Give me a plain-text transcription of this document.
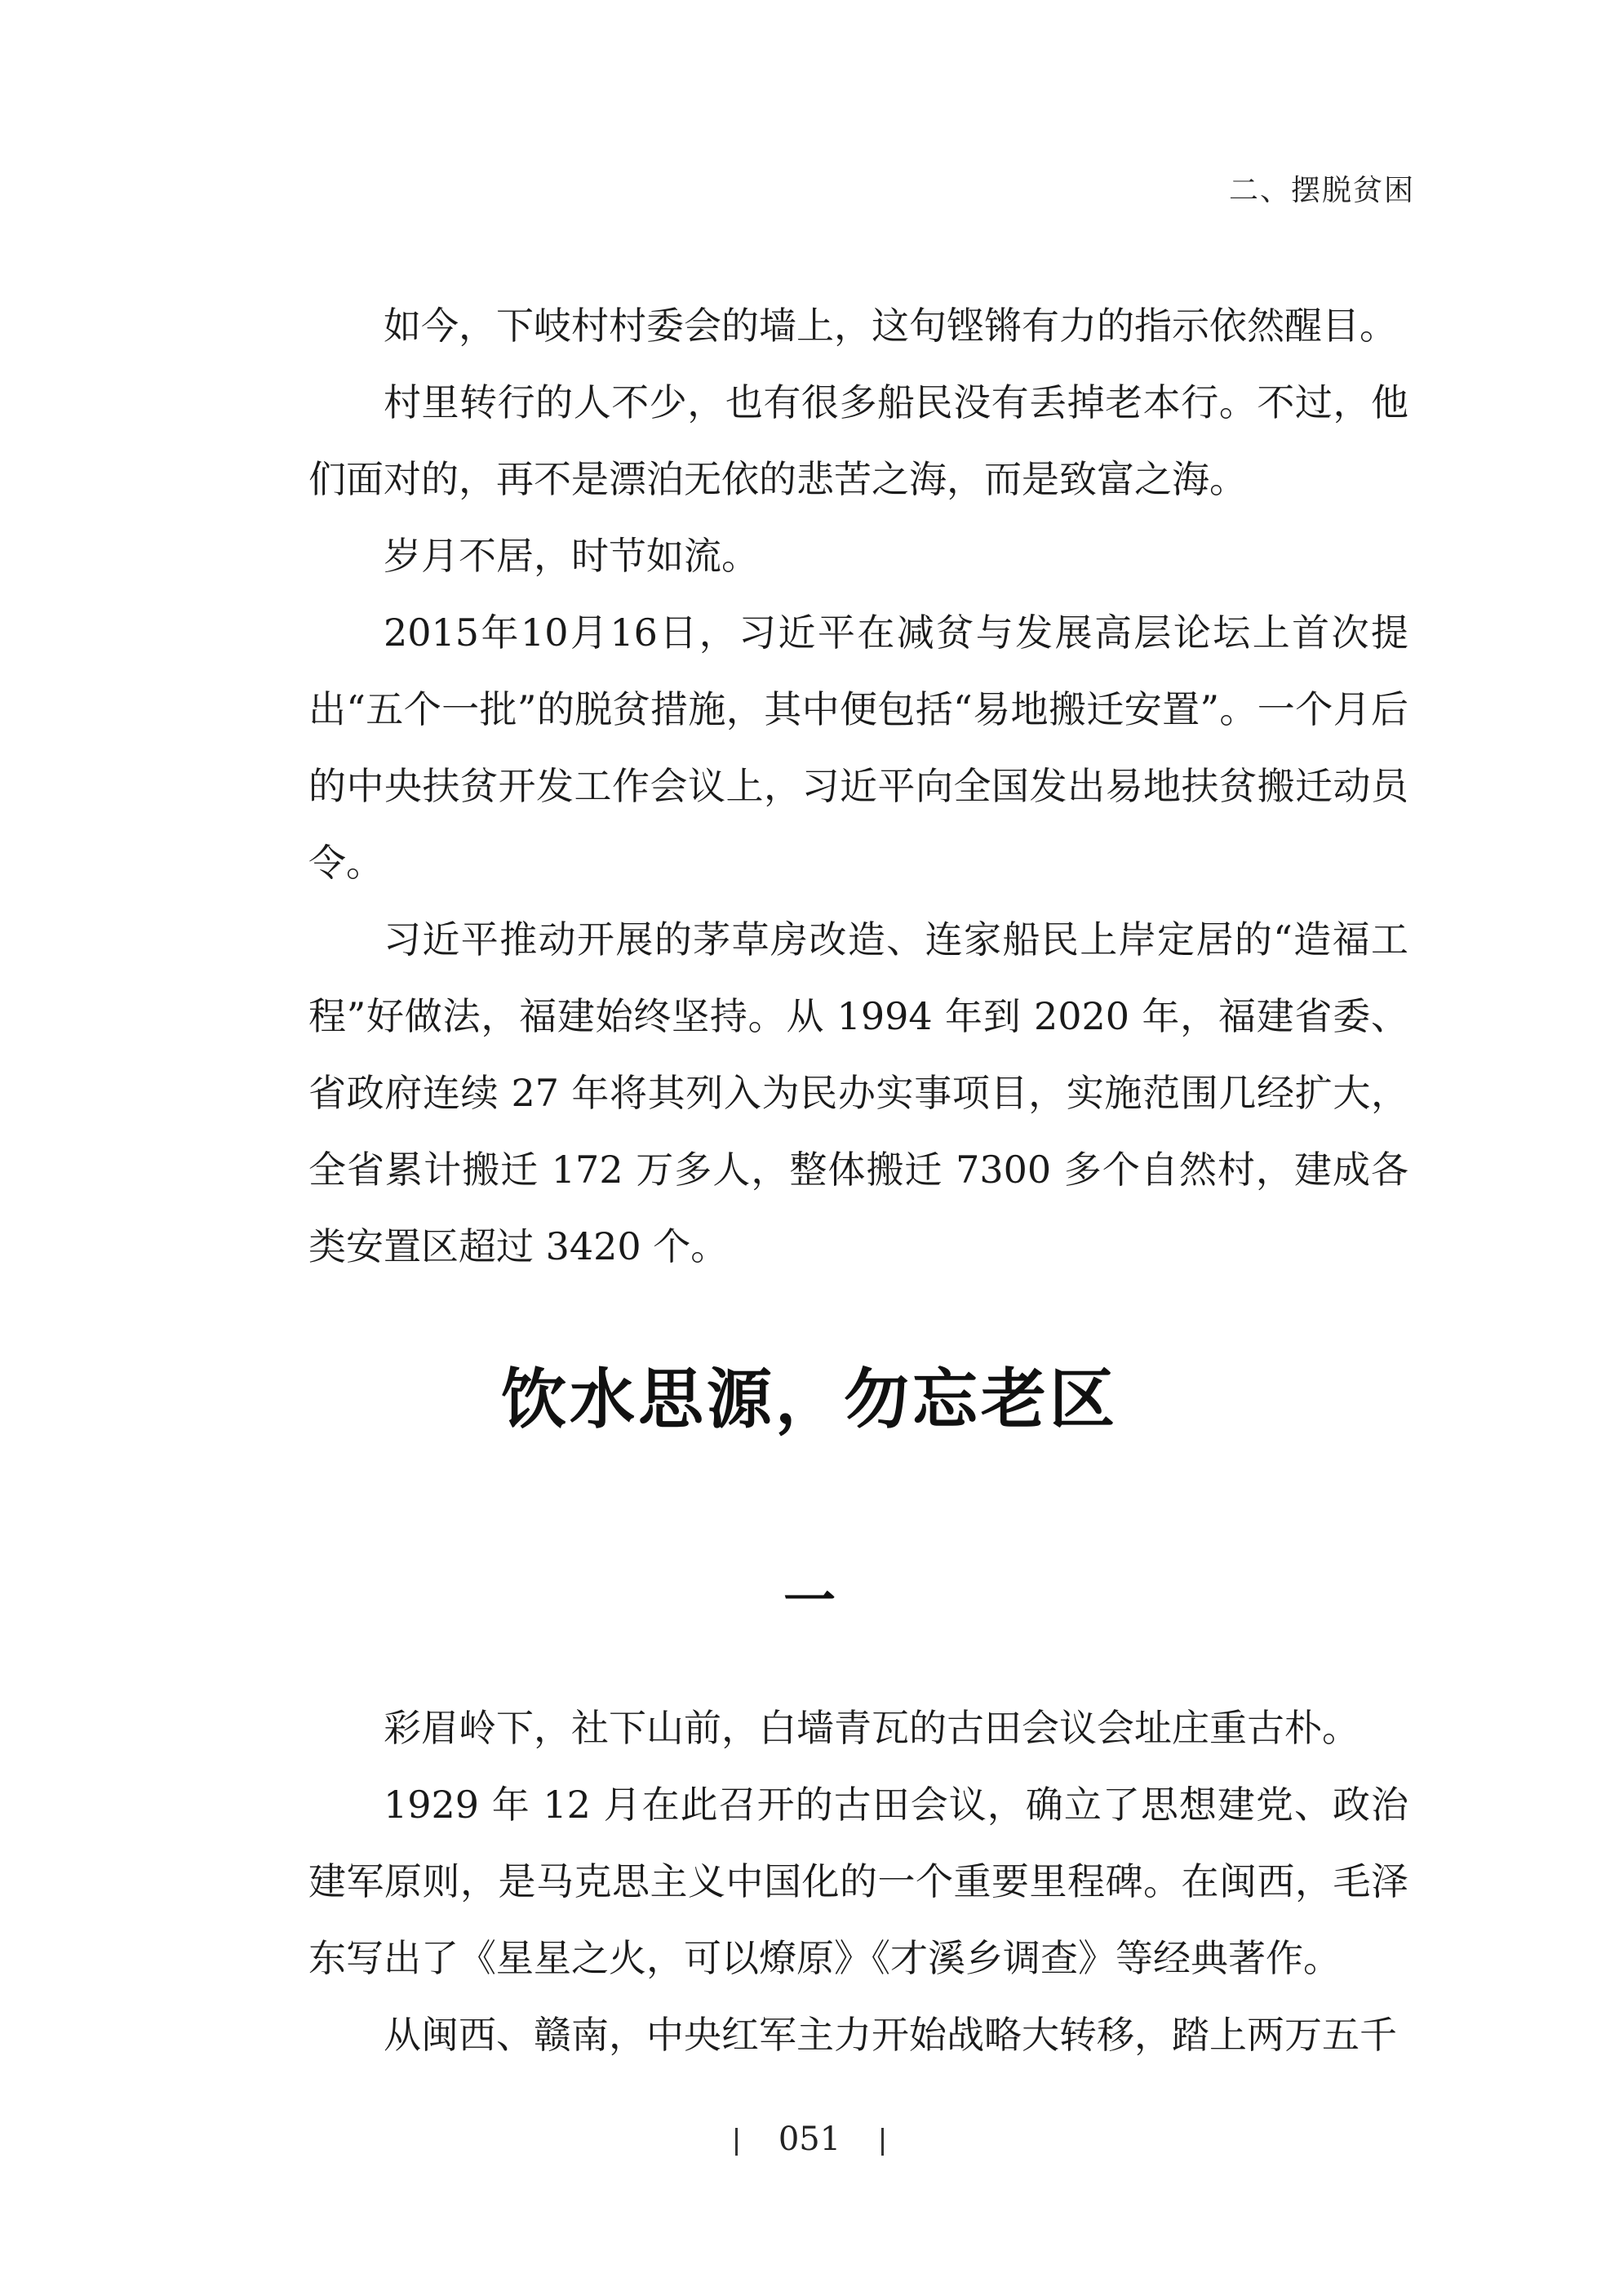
二、摆脱贫困

如今，下岐村村委会的墙上，这句铿锵有力的指示依然醒目。

村里转行的人不少，也有很多船民没有丢掉老本行。不过，他们面对的，再不是漂泊无依的悲苦之海，而是致富之海。

岁月不居，时节如流。

2015年10月16日，习近平在减贫与发展高层论坛上首次提出“五个一批”的脱贫措施，其中便包括“易地搬迁安置”。一个月后的中央扶贫开发工作会议上，习近平向全国发出易地扶贫搬迁动员令。

习近平推动开展的茅草房改造、连家船民上岸定居的“造福工程”好做法，福建始终坚持。从 1994 年到 2020 年，福建省委、省政府连续 27 年将其列入为民办实事项目，实施范围几经扩大，全省累计搬迁 172 万多人，整体搬迁 7300 多个自然村，建成各类安置区超过 3420 个。

饮水思源，勿忘老区
一

彩眉岭下，社下山前，白墙青瓦的古田会议会址庄重古朴。

1929 年 12 月在此召开的古田会议，确立了思想建党、政治建军原则，是马克思主义中国化的一个重要里程碑。在闽西，毛泽东写出了《星星之火，可以燎原》《才溪乡调查》等经典著作。

从闽西、赣南，中央红军主力开始战略大转移，踏上两万五千

051
